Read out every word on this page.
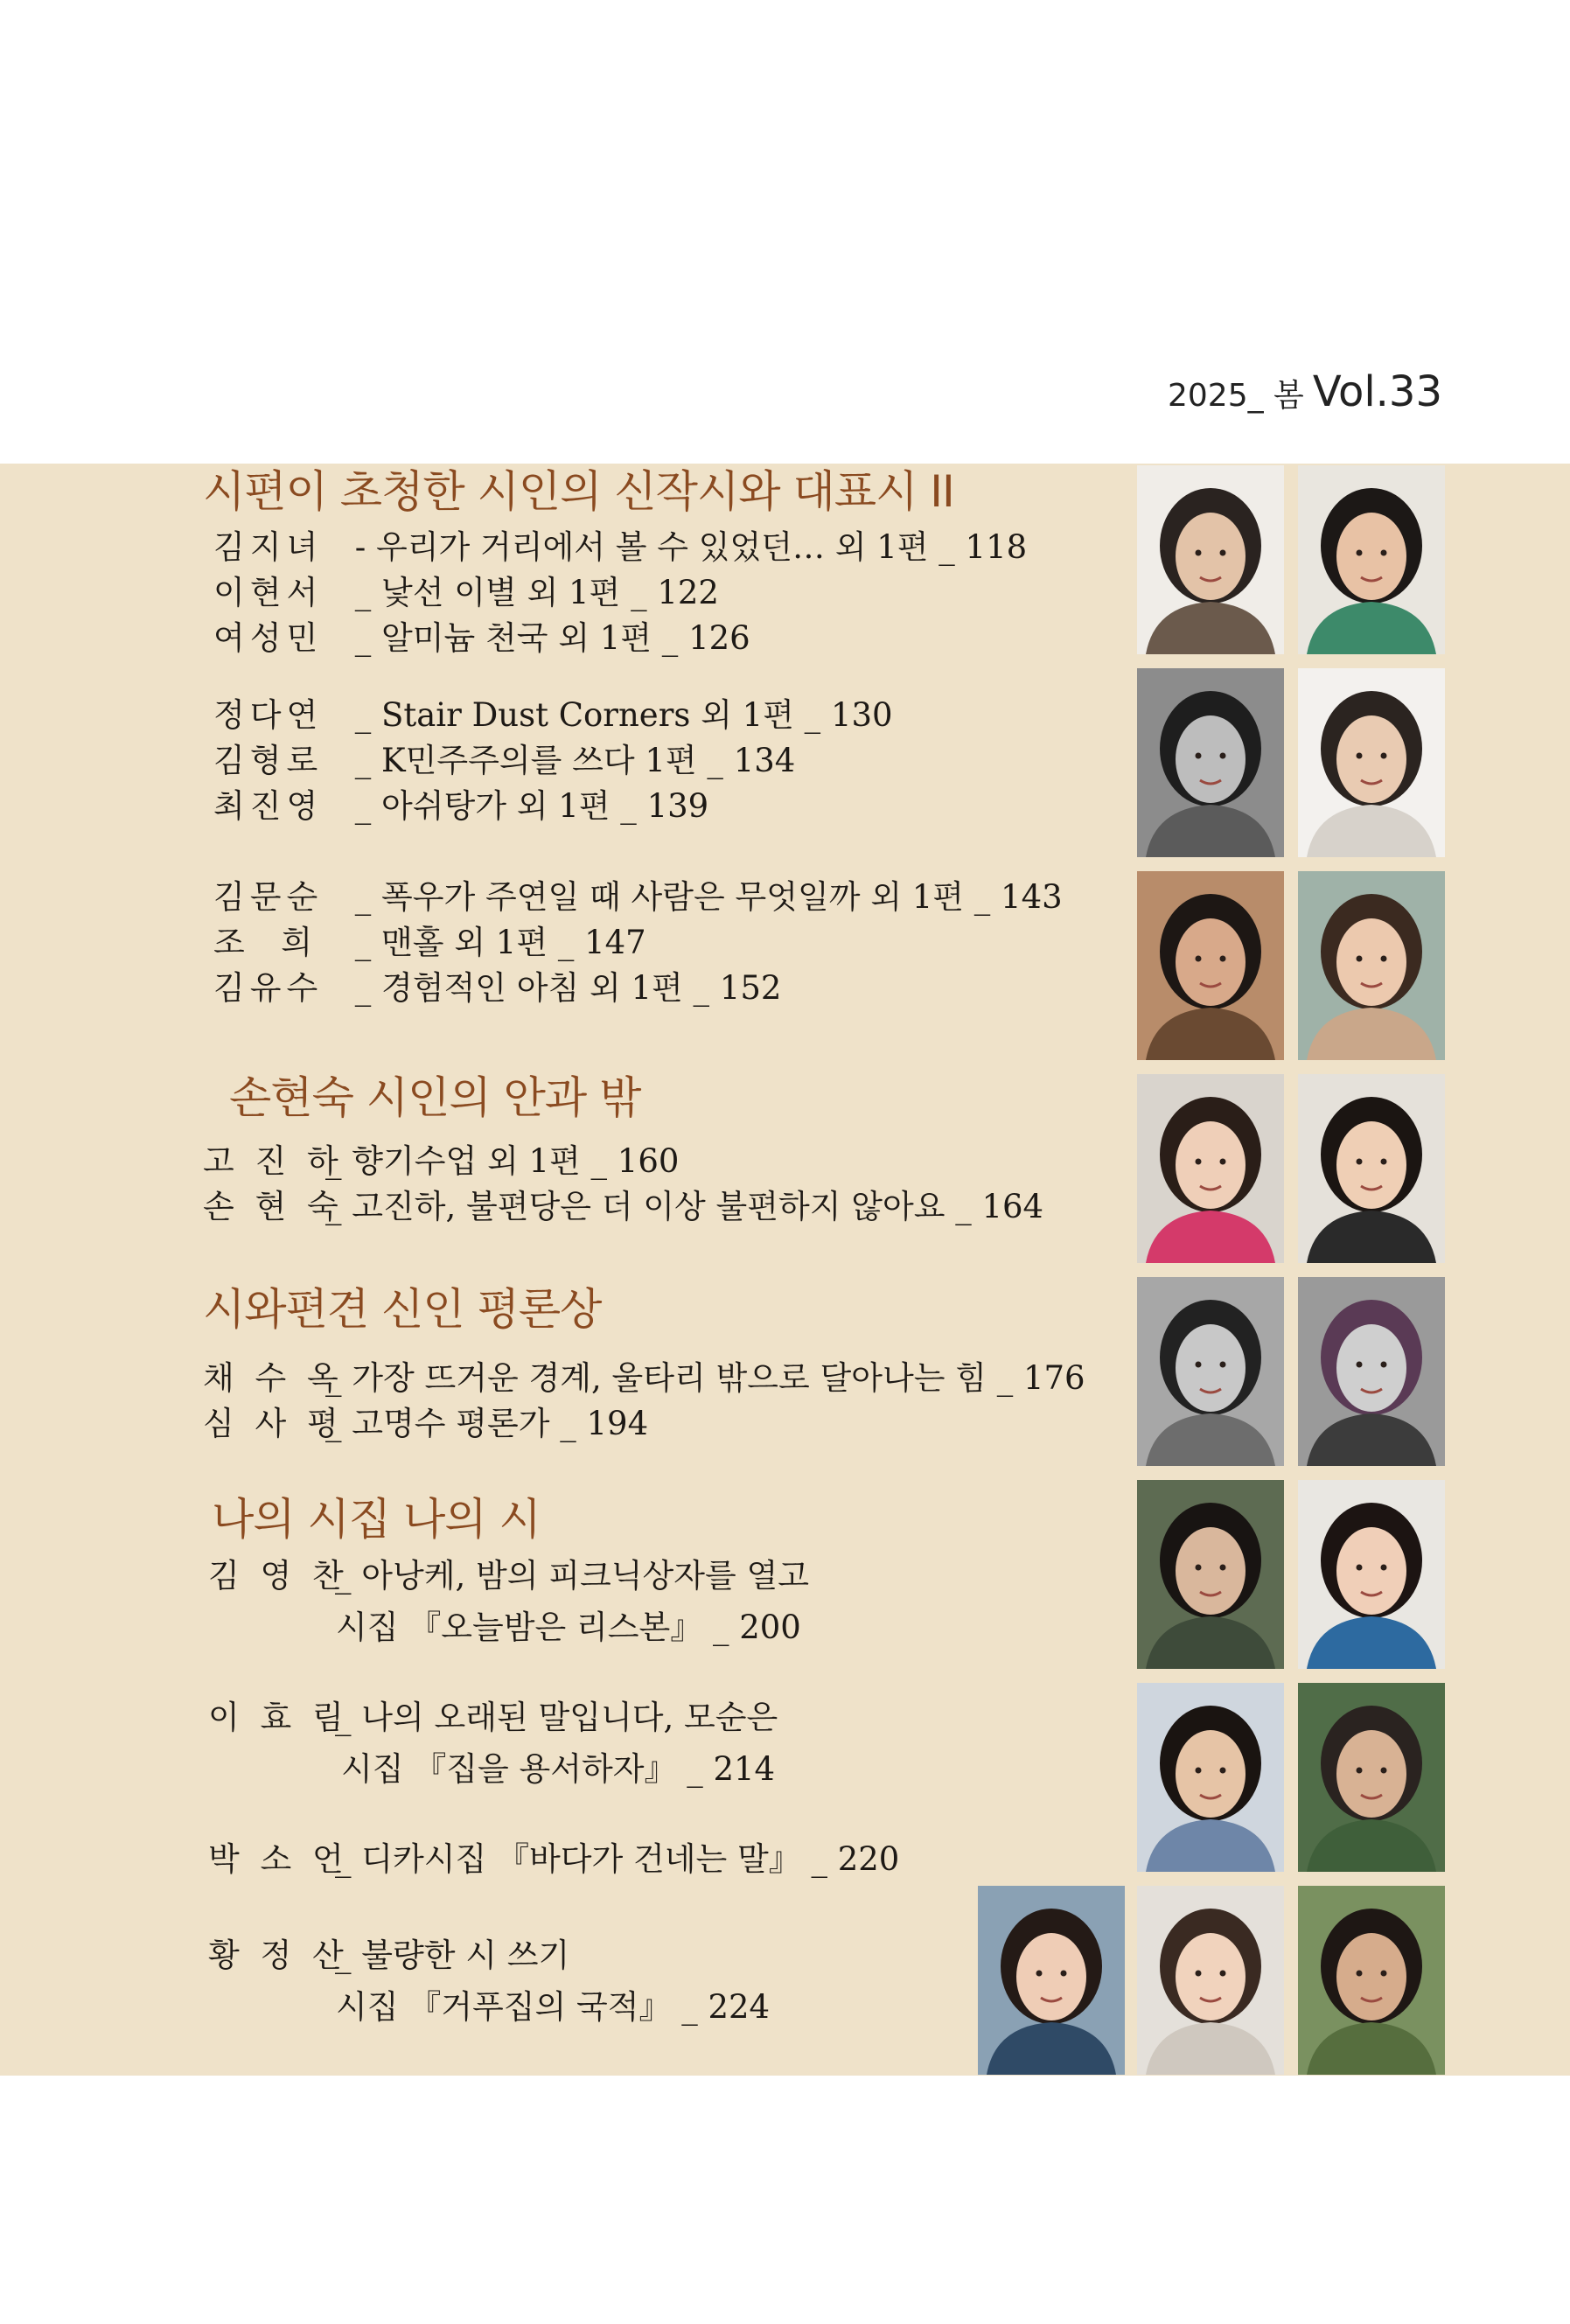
2025_ 봄 Vol.33
시편이 초청한 시인의 신작시와 대표시 II
김지녀 - 우리가 거리에서 볼 수 있었던… 외 1편 _ 118
이현서 _ 낯선 이별 외 1편 _ 122
여성민 _ 알미늄 천국 외 1편 _ 126
정다연 _ Stair Dust Corners 외 1편 _ 130
김형로 _ K민주주의를 쓰다 1편 _ 134
최진영 _ 아쉬탕가 외 1편 _ 139
김문순 _ 폭우가 주연일 때 사람은 무엇일까 외 1편 _ 143
조  희 _ 맨홀 외 1편 _ 147
김유수 _ 경험적인 아침 외 1편 _ 152
손현숙 시인의 안과 밖
고 진 하_ 향기수업 외 1편 _ 160
손 현 숙_ 고진하, 불편당은 더 이상 불편하지 않아요 _ 164
시와편견 신인 평론상
채 수 옥_ 가장 뜨거운 경계, 울타리 밖으로 달아나는 힘 _ 176
심 사 평_ 고명수 평론가 _ 194
나의 시집 나의 시
김 영 찬_ 아낭케, 밤의 피크닉상자를 열고
시집 『오늘밤은 리스본』 _ 200
이 효 림_ 나의 오래된 말입니다, 모순은
시집 『집을 용서하자』 _ 214
박 소 언_ 디카시집 『바다가 건네는 말』 _ 220
황 정 산_ 불량한 시 쓰기
시집 『거푸집의 국적』 _ 224
